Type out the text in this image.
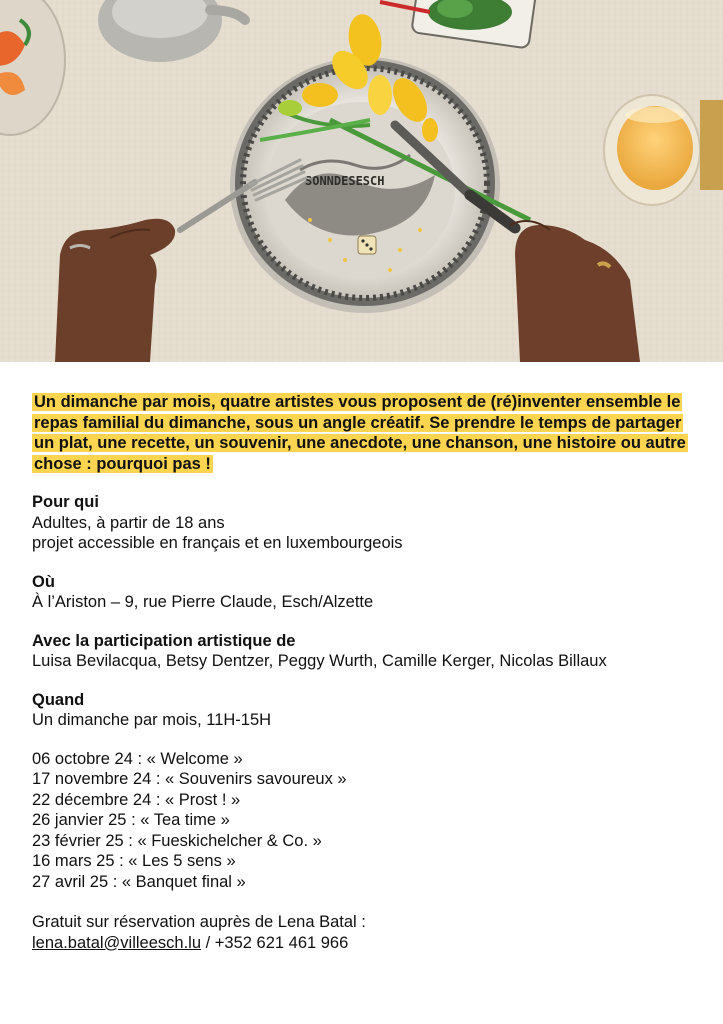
SONNDESESCH

Un dimanche par mois, quatre artistes vous proposent de (ré)inventer ensemble le repas familial du dimanche, sous un angle créatif. Se prendre le temps de partager un plat, une recette, un souvenir, une anecdote, une chanson, une histoire ou autre chose : pourquoi pas !

Pour qui

Adultes, à partir de 18 ans

projet accessible en français et en luxembourgeois

Où

À l’Ariston – 9, rue Pierre Claude, Esch/Alzette

Avec la participation artistique de

Luisa Bevilacqua, Betsy Dentzer, Peggy Wurth, Camille Kerger, Nicolas Billaux

Quand

Un dimanche par mois, 11H-15H

06 octobre 24 : « Welcome »
17 novembre 24 : « Souvenirs savoureux »
22 décembre 24 : « Prost ! »
26 janvier 25 : « Tea time »
23 février 25 : « Fueskichelcher & Co. »
16 mars 25 : « Les 5 sens »
27 avril 25 : « Banquet final »

Gratuit sur réservation auprès de Lena Batal :

lena.batal@villeesch.lu / +352 621 461 966
